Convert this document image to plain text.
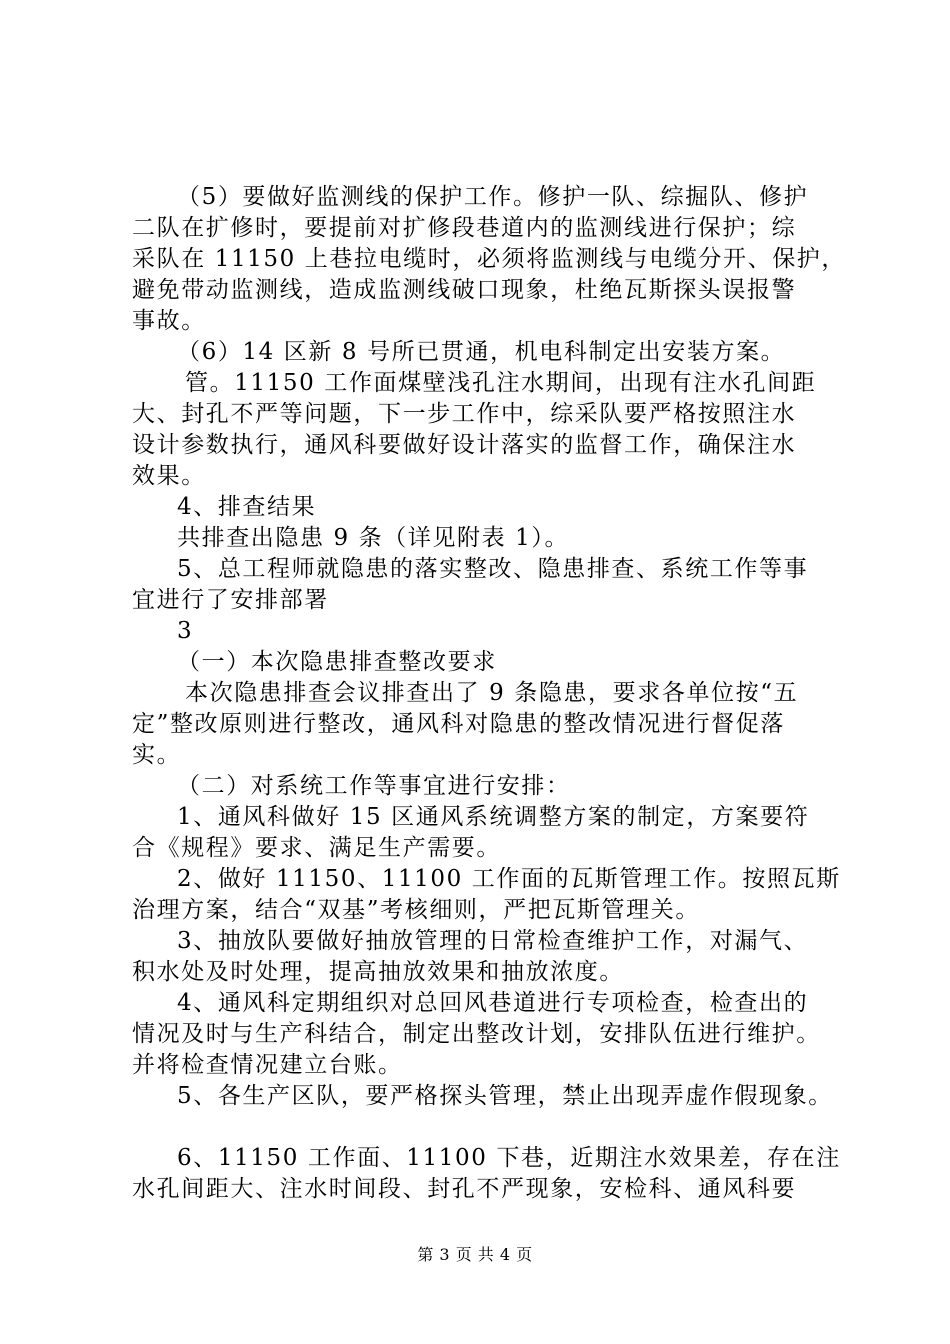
（5）要做好监测线的保护工作。修护一队、综掘队、修护
二队在扩修时，要提前对扩修段巷道内的监测线进行保护；综
采队在 11150 上巷拉电缆时，必须将监测线与电缆分开、保护，
避免带动监测线，造成监测线破口现象，杜绝瓦斯探头误报警
事故。
（6）14 区新 8 号所已贯通，机电科制定出安装方案。
管。11150 工作面煤壁浅孔注水期间，出现有注水孔间距
大、封孔不严等问题，下一步工作中，综采队要严格按照注水
设计参数执行，通风科要做好设计落实的监督工作，确保注水
效果。
4、排查结果
共排查出隐患 9 条（详见附表 1）。
5、总工程师就隐患的落实整改、隐患排查、系统工作等事
宜进行了安排部署
3
（一）本次隐患排查整改要求
本次隐患排查会议排查出了 9 条隐患，要求各单位按“五
定”整改原则进行整改，通风科对隐患的整改情况进行督促落
实。
（二）对系统工作等事宜进行安排：
1、通风科做好 15 区通风系统调整方案的制定，方案要符
合《规程》要求、满足生产需要。
2、做好 11150、11100 工作面的瓦斯管理工作。按照瓦斯
治理方案，结合“双基”考核细则，严把瓦斯管理关。
3、抽放队要做好抽放管理的日常检查维护工作，对漏气、
积水处及时处理，提高抽放效果和抽放浓度。
4、通风科定期组织对总回风巷道进行专项检查，检查出的
情况及时与生产科结合，制定出整改计划，安排队伍进行维护。
并将检查情况建立台账。
5、各生产区队，要严格探头管理，禁止出现弄虚作假现象。
6、11150 工作面、11100 下巷，近期注水效果差，存在注
水孔间距大、注水时间段、封孔不严现象，安检科、通风科要
第 3 页 共 4 页
